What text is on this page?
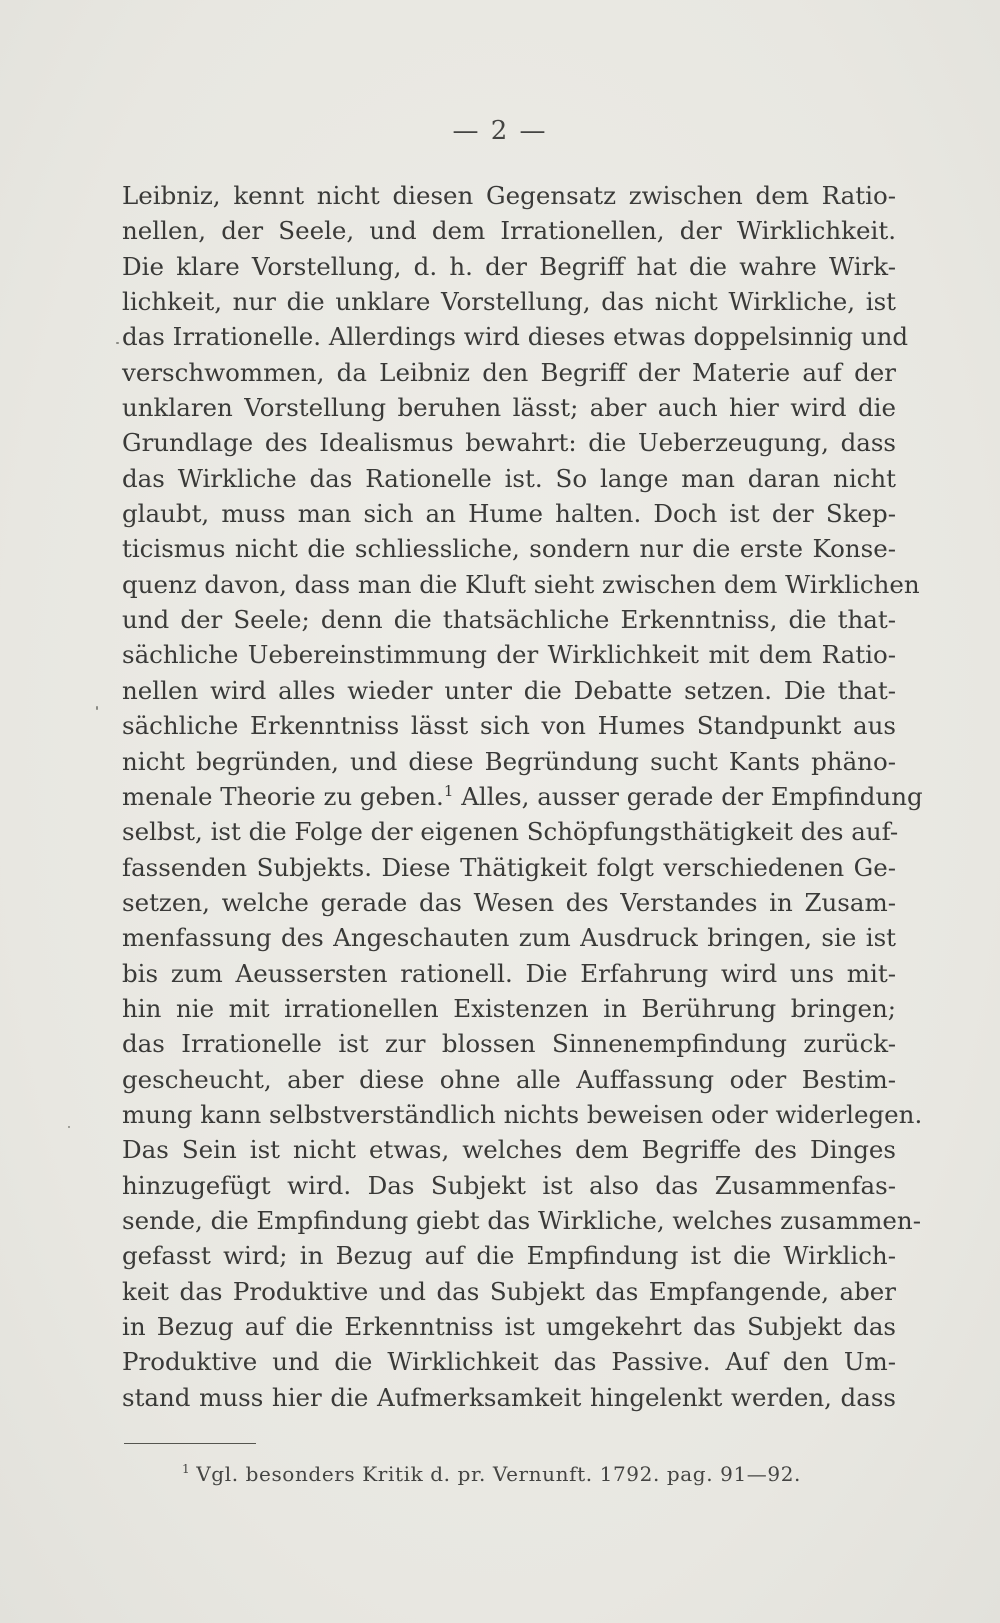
— 2 —
Leibniz, kennt nicht diesen Gegensatz zwischen dem Ratio-
nellen, der Seele, und dem Irrationellen, der Wirklichkeit.
Die klare Vorstellung, d. h. der Begriff hat die wahre Wirk-
lichkeit, nur die unklare Vorstellung, das nicht Wirkliche, ist
das Irrationelle. Allerdings wird dieses etwas doppelsinnig und
verschwommen, da Leibniz den Begriff der Materie auf der
unklaren Vorstellung beruhen lässt; aber auch hier wird die
Grundlage des Idealismus bewahrt: die Ueberzeugung, dass
das Wirkliche das Rationelle ist. So lange man daran nicht
glaubt, muss man sich an Hume halten. Doch ist der Skep-
ticismus nicht die schliessliche, sondern nur die erste Konse-
quenz davon, dass man die Kluft sieht zwischen dem Wirklichen
und der Seele; denn die thatsächliche Erkenntniss, die that-
sächliche Uebereinstimmung der Wirklichkeit mit dem Ratio-
nellen wird alles wieder unter die Debatte setzen. Die that-
sächliche Erkenntniss lässt sich von Humes Standpunkt aus
nicht begründen, und diese Begründung sucht Kants phäno-
menale Theorie zu geben.$^1$ Alles, ausser gerade der Empfindung
selbst, ist die Folge der eigenen Schöpfungsthätigkeit des auf-
fassenden Subjekts. Diese Thätigkeit folgt verschiedenen Ge-
setzen, welche gerade das Wesen des Verstandes in Zusam-
menfassung des Angeschauten zum Ausdruck bringen, sie ist
bis zum Aeussersten rationell. Die Erfahrung wird uns mit-
hin nie mit irrationellen Existenzen in Berührung bringen;
das Irrationelle ist zur blossen Sinnenempfindung zurück-
gescheucht, aber diese ohne alle Auffassung oder Bestim-
mung kann selbstverständlich nichts beweisen oder widerlegen.
Das Sein ist nicht etwas, welches dem Begriffe des Dinges
hinzugefügt wird. Das Subjekt ist also das Zusammenfas-
sende, die Empfindung giebt das Wirkliche, welches zusammen-
gefasst wird; in Bezug auf die Empfindung ist die Wirklich-
keit das Produktive und das Subjekt das Empfangende, aber
in Bezug auf die Erkenntniss ist umgekehrt das Subjekt das
Produktive und die Wirklichkeit das Passive. Auf den Um-
stand muss hier die Aufmerksamkeit hingelenkt werden, dass
$^1$ Vgl. besonders Kritik d. pr. Vernunft. 1792. pag. 91—92.
